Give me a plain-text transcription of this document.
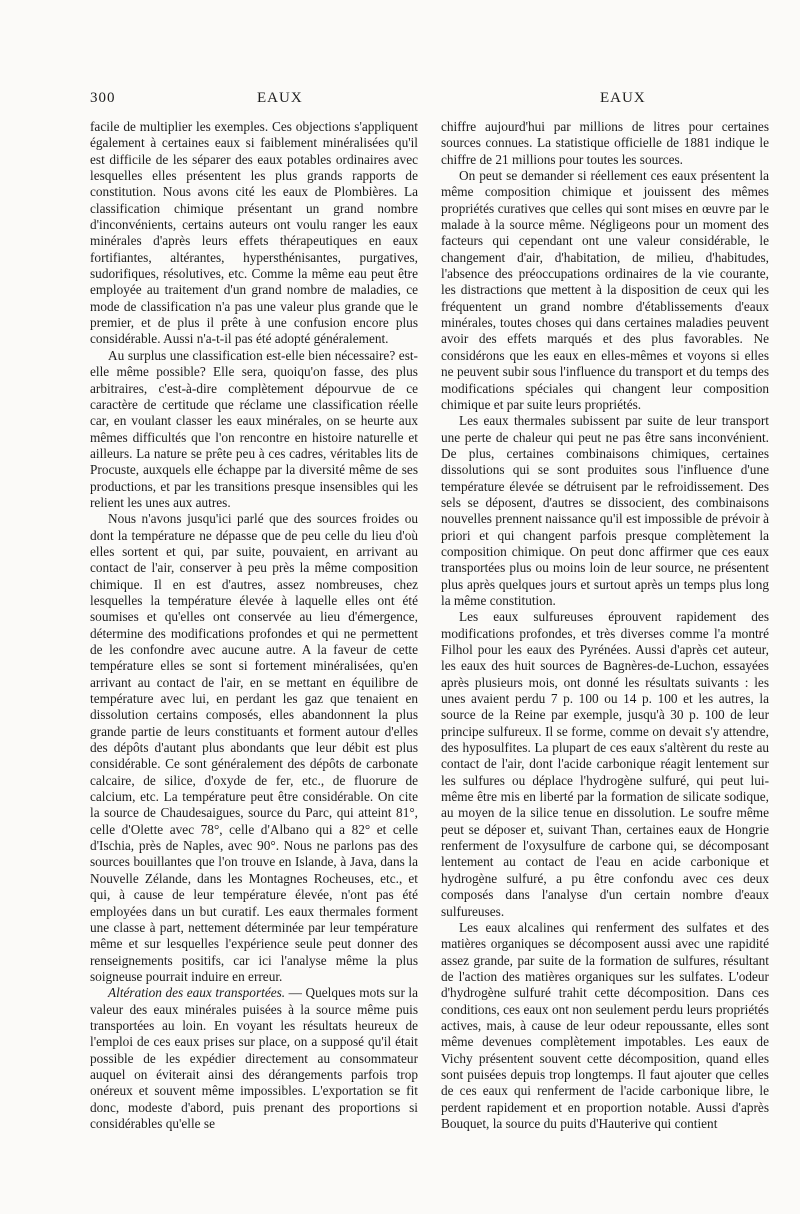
300	EAUX	EAUX

facile de multiplier les exemples. Ces objections s'appliquent également à certaines eaux si faiblement minéralisées qu'il est difficile de les séparer des eaux potables ordinaires avec lesquelles elles présentent les plus grands rapports de constitution. Nous avons cité les eaux de Plombières. La classification chimique présentant un grand nombre d'inconvénients, certains auteurs ont voulu ranger les eaux minérales d'après leurs effets thérapeutiques en eaux fortifiantes, altérantes, hypersthénisantes, purgatives, sudorifiques, résolutives, etc. Comme la même eau peut être employée au traitement d'un grand nombre de maladies, ce mode de classification n'a pas une valeur plus grande que le premier, et de plus il prête à une confusion encore plus considérable. Aussi n'a-t-il pas été adopté généralement.

Au surplus une classification est-elle bien nécessaire? est-elle même possible? Elle sera, quoiqu'on fasse, des plus arbitraires, c'est-à-dire complètement dépourvue de ce caractère de certitude que réclame une classification réelle car, en voulant classer les eaux minérales, on se heurte aux mêmes difficultés que l'on rencontre en histoire naturelle et ailleurs. La nature se prête peu à ces cadres, véritables lits de Procuste, auxquels elle échappe par la diversité même de ses productions, et par les transitions presque insensibles qui les relient les unes aux autres.

Nous n'avons jusqu'ici parlé que des sources froides ou dont la température ne dépasse que de peu celle du lieu d'où elles sortent et qui, par suite, pouvaient, en arrivant au contact de l'air, conserver à peu près la même composition chimique. Il en est d'autres, assez nombreuses, chez lesquelles la température élevée à laquelle elles ont été soumises et qu'elles ont conservée au lieu d'émergence, détermine des modifications profondes et qui ne permettent de les confondre avec aucune autre. A la faveur de cette température elles se sont si fortement minéralisées, qu'en arrivant au contact de l'air, en se mettant en équilibre de température avec lui, en perdant les gaz que tenaient en dissolution certains composés, elles abandonnent la plus grande partie de leurs constituants et forment autour d'elles des dépôts d'autant plus abondants que leur débit est plus considérable. Ce sont généralement des dépôts de carbonate calcaire, de silice, d'oxyde de fer, etc., de fluorure de calcium, etc. La température peut être considérable. On cite la source de Chaudesaigues, source du Parc, qui atteint 81°, celle d'Olette avec 78°, celle d'Albano qui a 82° et celle d'Ischia, près de Naples, avec 90°. Nous ne parlons pas des sources bouillantes que l'on trouve en Islande, à Java, dans la Nouvelle Zélande, dans les Montagnes Rocheuses, etc., et qui, à cause de leur température élevée, n'ont pas été employées dans un but curatif. Les eaux thermales forment une classe à part, nettement déterminée par leur température même et sur lesquelles l'expérience seule peut donner des renseignements positifs, car ici l'analyse même la plus soigneuse pourrait induire en erreur.

Altération des eaux transportées. — Quelques mots sur la valeur des eaux minérales puisées à la source même puis transportées au loin. En voyant les résultats heureux de l'emploi de ces eaux prises sur place, on a supposé qu'il était possible de les expédier directement au consommateur auquel on éviterait ainsi des dérangements parfois trop onéreux et souvent même impossibles. L'exportation se fit donc, modeste d'abord, puis prenant des proportions si considérables qu'elle se

chiffre aujourd'hui par millions de litres pour certaines sources connues. La statistique officielle de 1881 indique le chiffre de 21 millions pour toutes les sources.

On peut se demander si réellement ces eaux présentent la même composition chimique et jouissent des mêmes propriétés curatives que celles qui sont mises en œuvre par le malade à la source même. Négligeons pour un moment des facteurs qui cependant ont une valeur considérable, le changement d'air, d'habitation, de milieu, d'habitudes, l'absence des préoccupations ordinaires de la vie courante, les distractions que mettent à la disposition de ceux qui les fréquentent un grand nombre d'établissements d'eaux minérales, toutes choses qui dans certaines maladies peuvent avoir des effets marqués et des plus favorables. Ne considérons que les eaux en elles-mêmes et voyons si elles ne peuvent subir sous l'influence du transport et du temps des modifications spéciales qui changent leur composition chimique et par suite leurs propriétés.

Les eaux thermales subissent par suite de leur transport une perte de chaleur qui peut ne pas être sans inconvénient. De plus, certaines combinaisons chimiques, certaines dissolutions qui se sont produites sous l'influence d'une température élevée se détruisent par le refroidissement. Des sels se déposent, d'autres se dissocient, des combinaisons nouvelles prennent naissance qu'il est impossible de prévoir à priori et qui changent parfois presque complètement la composition chimique. On peut donc affirmer que ces eaux transportées plus ou moins loin de leur source, ne présentent plus après quelques jours et surtout après un temps plus long la même constitution.

Les eaux sulfureuses éprouvent rapidement des modifications profondes, et très diverses comme l'a montré Filhol pour les eaux des Pyrénées. Aussi d'après cet auteur, les eaux des huit sources de Bagnères-de-Luchon, essayées après plusieurs mois, ont donné les résultats suivants : les unes avaient perdu 7 p. 100 ou 14 p. 100 et les autres, la source de la Reine par exemple, jusqu'à 30 p. 100 de leur principe sulfureux. Il se forme, comme on devait s'y attendre, des hyposulfites. La plupart de ces eaux s'altèrent du reste au contact de l'air, dont l'acide carbonique réagit lentement sur les sulfures ou déplace l'hydrogène sulfuré, qui peut lui-même être mis en liberté par la formation de silicate sodique, au moyen de la silice tenue en dissolution. Le soufre même peut se déposer et, suivant Than, certaines eaux de Hongrie renferment de l'oxysulfure de carbone qui, se décomposant lentement au contact de l'eau en acide carbonique et hydrogène sulfuré, a pu être confondu avec ces deux composés dans l'analyse d'un certain nombre d'eaux sulfureuses.

Les eaux alcalines qui renferment des sulfates et des matières organiques se décomposent aussi avec une rapidité assez grande, par suite de la formation de sulfures, résultant de l'action des matières organiques sur les sulfates. L'odeur d'hydrogène sulfuré trahit cette décomposition. Dans ces conditions, ces eaux ont non seulement perdu leurs propriétés actives, mais, à cause de leur odeur repoussante, elles sont même devenues complètement impotables. Les eaux de Vichy présentent souvent cette décomposition, quand elles sont puisées depuis trop longtemps. Il faut ajouter que celles de ces eaux qui renferment de l'acide carbonique libre, le perdent rapidement et en proportion notable. Aussi d'après Bouquet, la source du puits d'Hauterive qui contient
